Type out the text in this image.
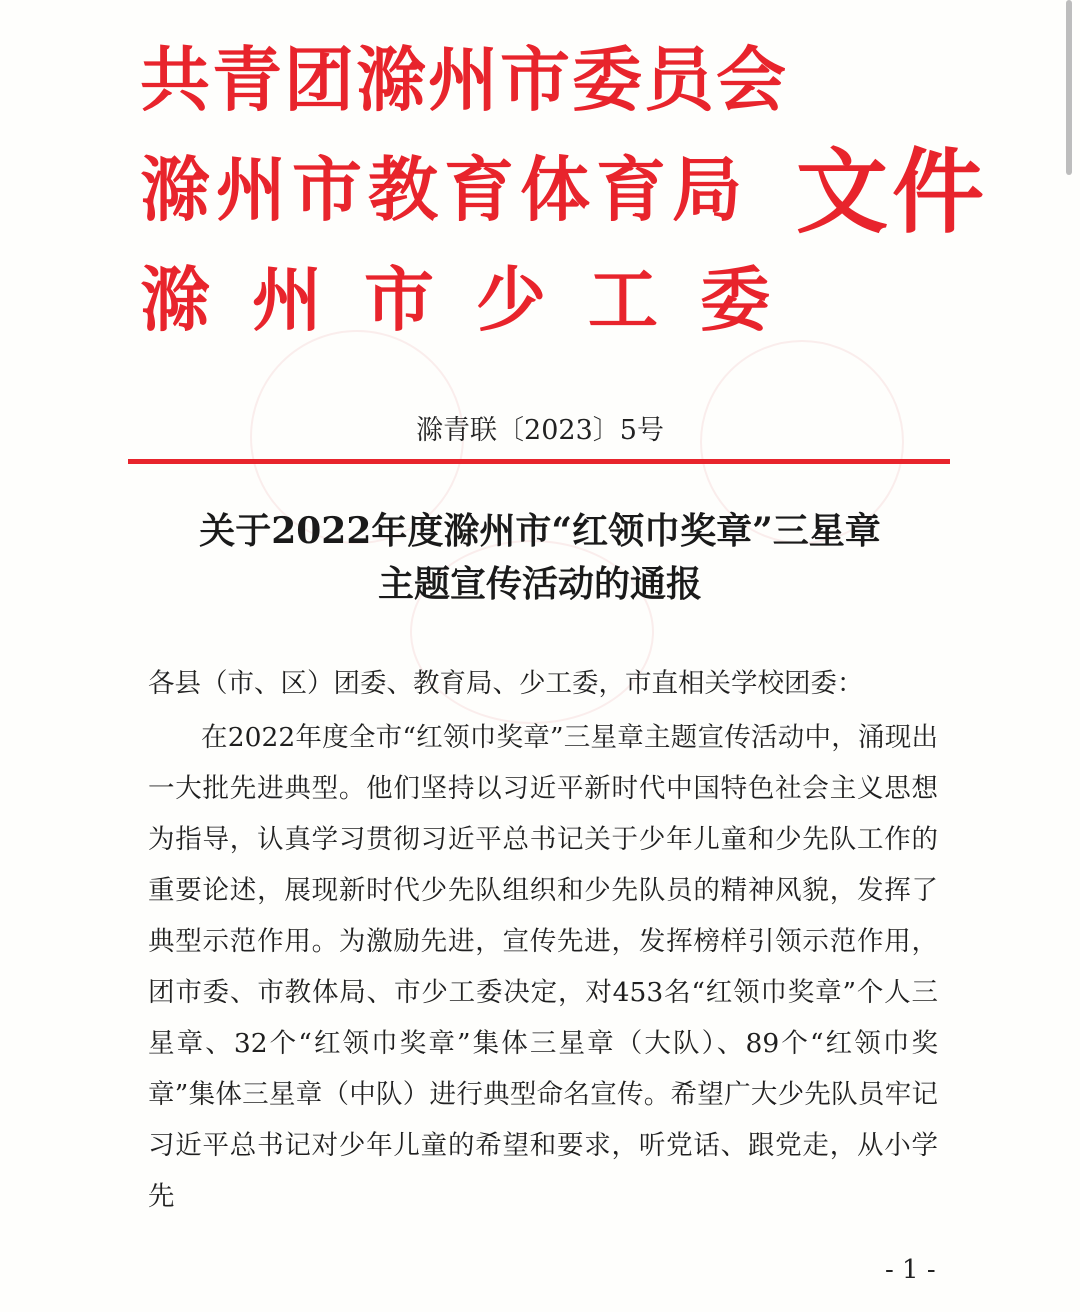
共青团滁州市委员会
滁州市教育体育局
滁州市少工委
文件
滁青联〔2023〕5号
关于2022年度滁州市“红领巾奖章”三星章
主题宣传活动的通报
各县（市、区）团委、教育局、少工委，市直相关学校团委：

在2022年度全市“红领巾奖章”三星章主题宣传活动中，涌现出一大批先进典型。他们坚持以习近平新时代中国特色社会主义思想为指导，认真学习贯彻习近平总书记关于少年儿童和少先队工作的重要论述，展现新时代少先队组织和少先队员的精神风貌，发挥了典型示范作用。为激励先进，宣传先进，发挥榜样引领示范作用，团市委、市教体局、市少工委决定，对453名“红领巾奖章”个人三星章、32个“红领巾奖章”集体三星章（大队）、89个“红领巾奖章”集体三星章（中队）进行典型命名宣传。希望广大少先队员牢记习近平总书记对少年儿童的希望和要求，听党话、跟党走，从小学先

- 1 -
